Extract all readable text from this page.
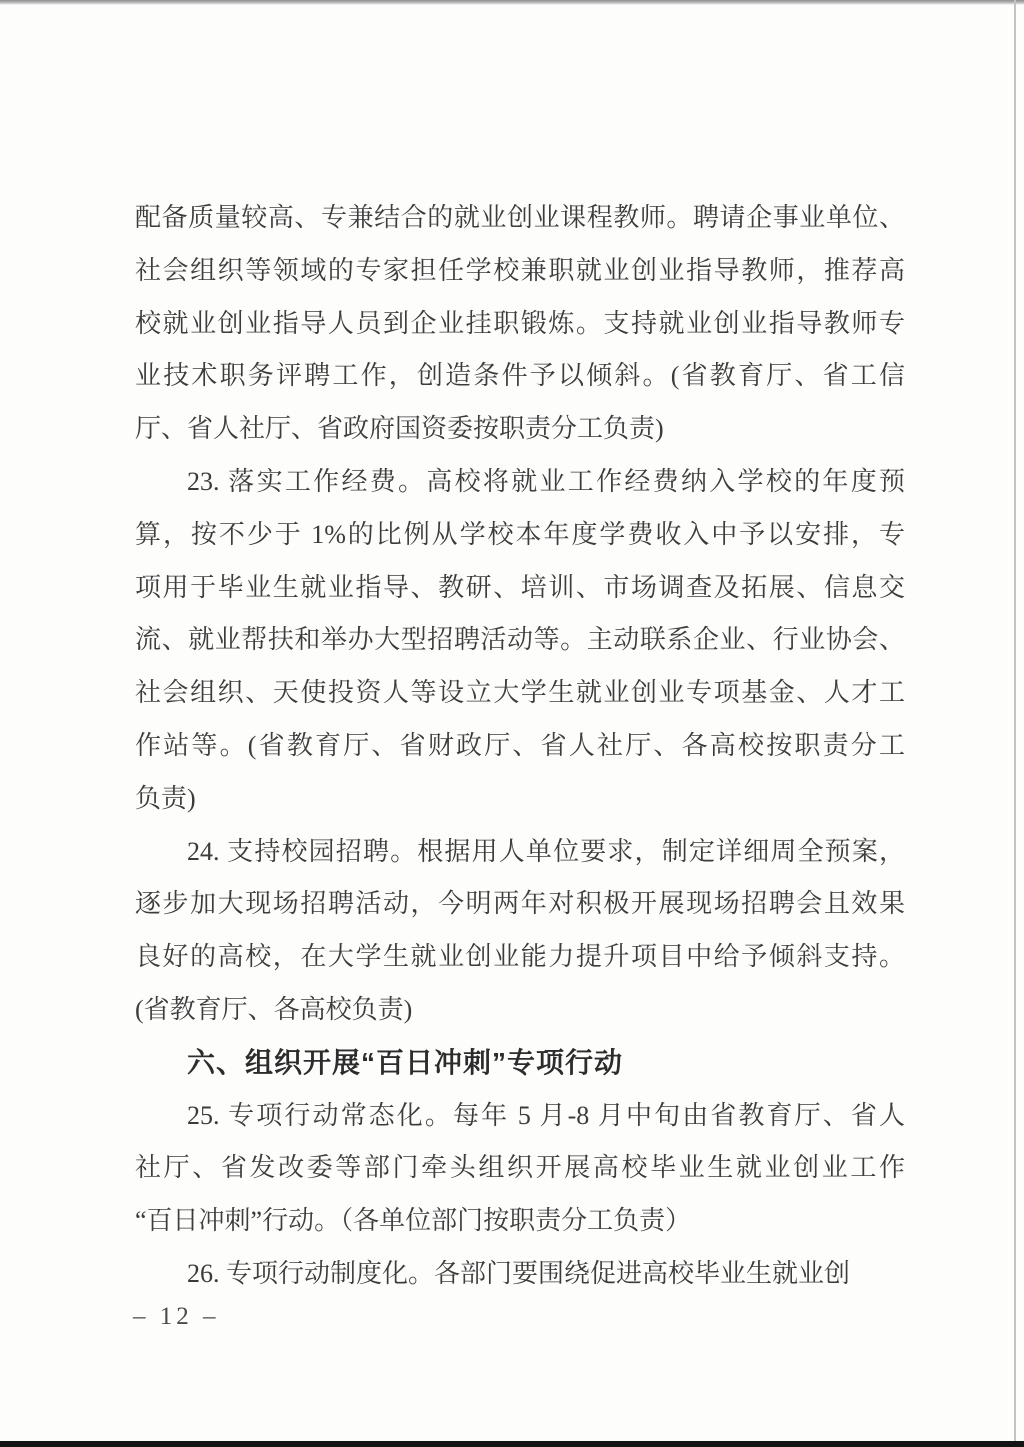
配备质量较高、专兼结合的就业创业课程教师。聘请企事业单位、
社会组织等领域的专家担任学校兼职就业创业指导教师，推荐高
校就业创业指导人员到企业挂职锻炼。支持就业创业指导教师专
业技术职务评聘工作，创造条件予以倾斜。(省教育厅、省工信
厅、省人社厅、省政府国资委按职责分工负责)
23. 落实工作经费。高校将就业工作经费纳入学校的年度预
算，按不少于 1%的比例从学校本年度学费收入中予以安排，专
项用于毕业生就业指导、教研、培训、市场调查及拓展、信息交
流、就业帮扶和举办大型招聘活动等。主动联系企业、行业协会、
社会组织、天使投资人等设立大学生就业创业专项基金、人才工
作站等。(省教育厅、省财政厅、省人社厅、各高校按职责分工
负责)
24. 支持校园招聘。根据用人单位要求，制定详细周全预案，
逐步加大现场招聘活动，今明两年对积极开展现场招聘会且效果
良好的高校，在大学生就业创业能力提升项目中给予倾斜支持。
(省教育厅、各高校负责)
六、组织开展“百日冲刺”专项行动
25. 专项行动常态化。每年 5 月-8 月中旬由省教育厅、省人
社厅、省发改委等部门牵头组织开展高校毕业生就业创业工作
“百日冲刺”行动。（各单位部门按职责分工负责）
26. 专项行动制度化。各部门要围绕促进高校毕业生就业创
– 12 –
